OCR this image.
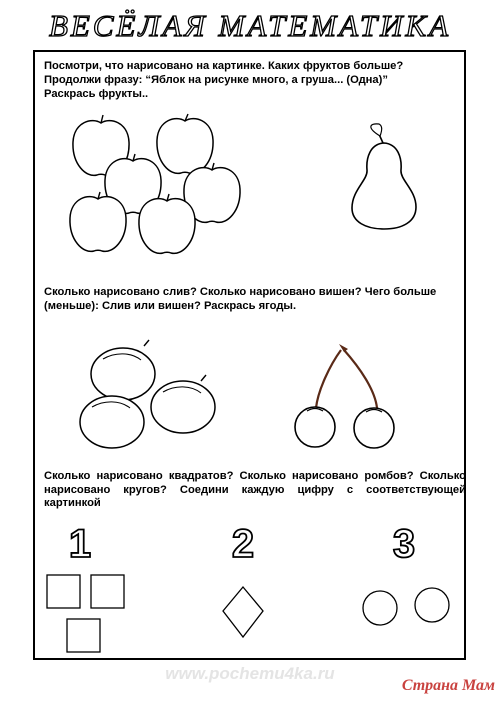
ВЕСЁЛАЯ МАТЕМАТИКА
Посмотри, что нарисовано на картинке. Каких фруктов больше?
Продолжи фразу: “Яблок на рисунке много, а груша... (Одна)”
Раскрась фрукты..
Сколько нарисовано слив? Сколько нарисовано вишен? Чего больше
(меньше): Слив или вишен? Раскрась ягоды.
Сколько нарисовано квадратов? Сколько нарисовано ромбов? Сколько нарисовано кругов? Соедини каждую цифру с соответствующей картинкой
1	2	3
www.pochemu4ka.ru
Страна Мам
